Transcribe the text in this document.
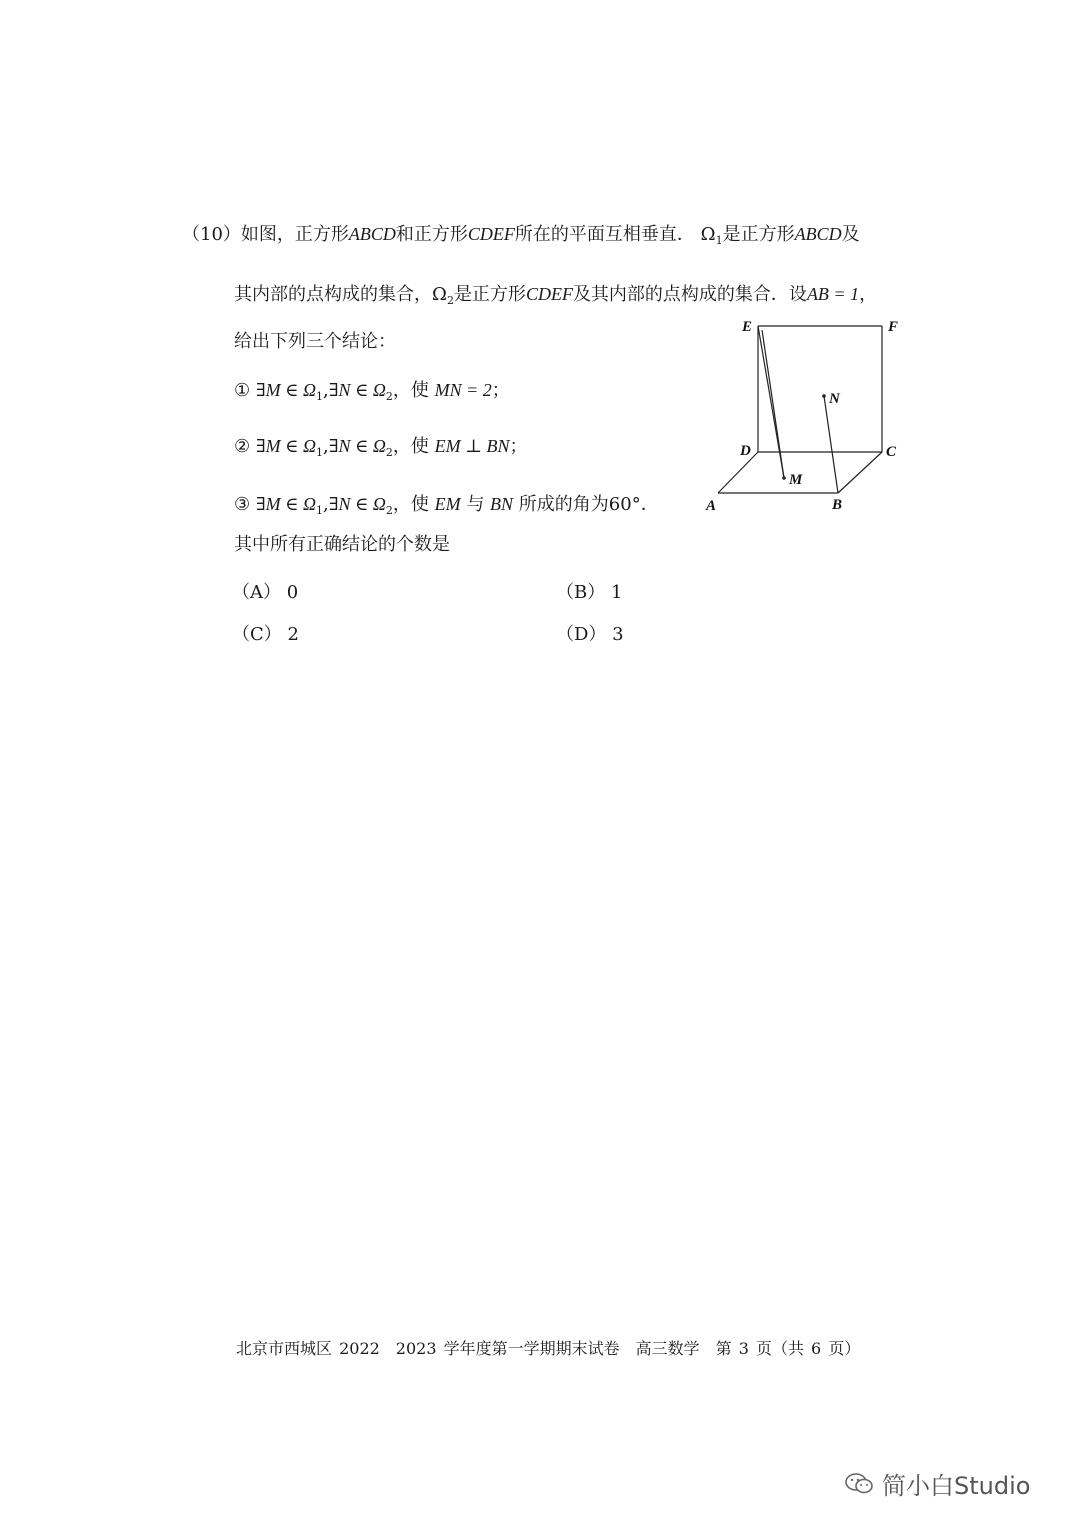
（10）如图，正方形ABCD和正方形CDEF所在的平面互相垂直． $\Omega_1$是正方形ABCD及
其内部的点构成的集合，$\Omega_2$是正方形CDEF及其内部的点构成的集合．设AB = 1，
给出下列三个结论：
① ∃M ∈ $\Omega_1,\exists N$ ∈ $\Omega_2$，使 MN = 2；
② ∃M ∈ $\Omega_1,\exists N$ ∈ $\Omega_2$，使 EM ⊥ BN；
③ ∃M ∈ $\Omega_1,\exists N$ ∈ $\Omega_2$，使 EM 与 BN 所成的角为60°．
其中所有正确结论的个数是
（A） 0	（B） 1
（C） 2	（D） 3
E	F
D	C
A	B
M
N
北京市西城区 2022　2023 学年度第一学期期末试卷　高三数学　第 3 页（共 6 页）
简小白Studio
